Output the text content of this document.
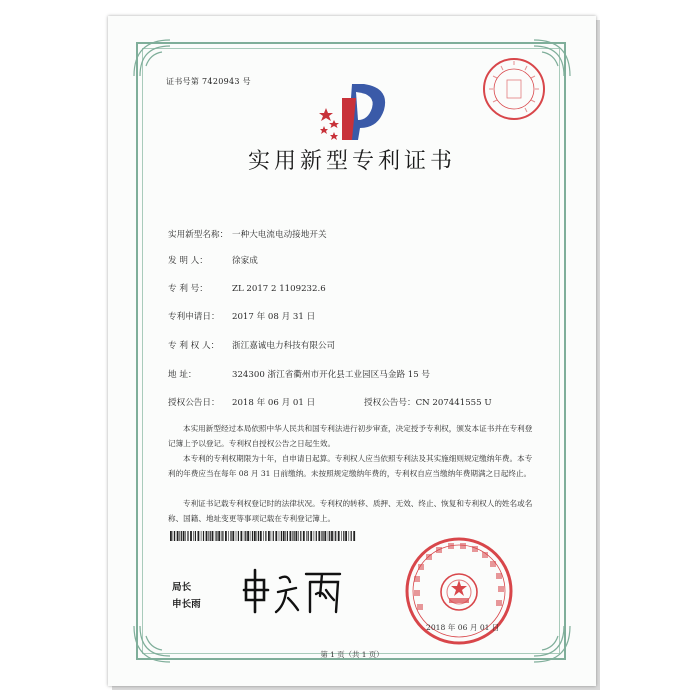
证书号第 7420943 号
实用新型专利证书
实用新型名称： 一种大电流电动接地开关
发 明 人：	徐家成
专 利 号：	ZL 2017 2 1109232.6
专利申请日： 2017 年 08 月 31 日
专 利 权 人： 浙江嘉诚电力科技有限公司
地 址：	324300 浙江省衢州市开化县工业园区马金路 15 号
授权公告日： 2018 年 06 月 01 日	授权公告号：CN 207441555 U
本实用新型经过本局依照中华人民共和国专利法进行初步审查，决定授予专利权，颁发本证书并在专利登记簿上予以登记。专利权自授权公告之日起生效。
本专利的专利权期限为十年，自申请日起算。专利权人应当依照专利法及其实施细则规定缴纳年费。本专利的年费应当在每年 08 月 31 日前缴纳。未按照规定缴纳年费的，专利权自应当缴纳年费期满之日起终止。
专利证书记载专利权登记时的法律状况。专利权的转移、质押、无效、终止、恢复和专利权人的姓名或名称、国籍、地址变更等事项记载在专利登记簿上。
局长
申长雨
2018 年 06 月 01 日
第 1 页（共 1 页）
